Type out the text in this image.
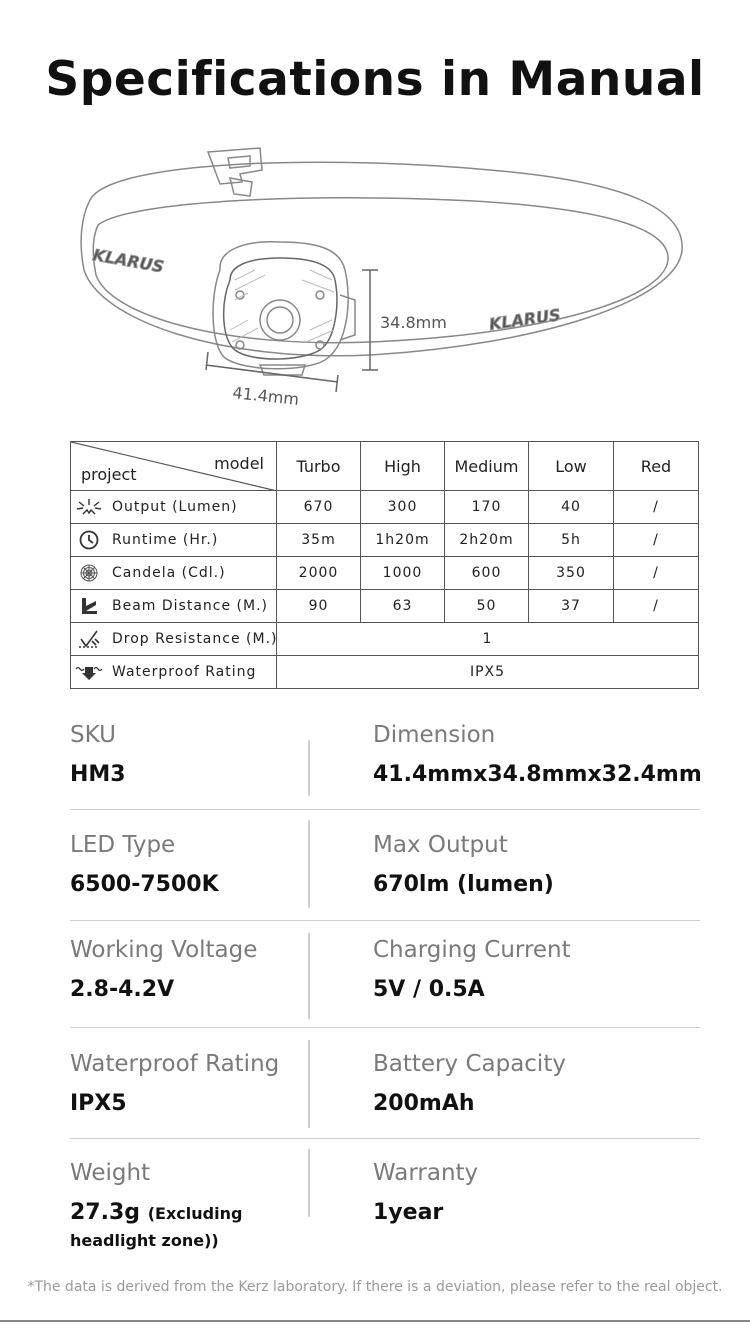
Specifications in Manual
KLARUS
KLARUS
34.8mm
41.4mm
model
project	Turbo	High	Medium	Low	Red
Output (Lumen)	670	300	170	40	/
Runtime (Hr.)	35m	1h20m	2h20m	5h	/
Candela (Cdl.)	2000	1000	600	350	/
Beam Distance (M.)	90	63	50	37	/
Drop Resistance (M.)	1				
Waterproof Rating	IPX5				
SKU
HM3
Dimension
41.4mmx34.8mmx32.4mm
LED Type
6500-7500K
Max Output
670lm (lumen)
Working Voltage
2.8-4.2V
Charging Current
5V / 0.5A
Waterproof Rating
IPX5
Battery Capacity
200mAh
Weight
27.3g (Excluding
headlight zone))
Warranty
1year
*The data is derived from the Kerz laboratory. If there is a deviation, please refer to the real object.
